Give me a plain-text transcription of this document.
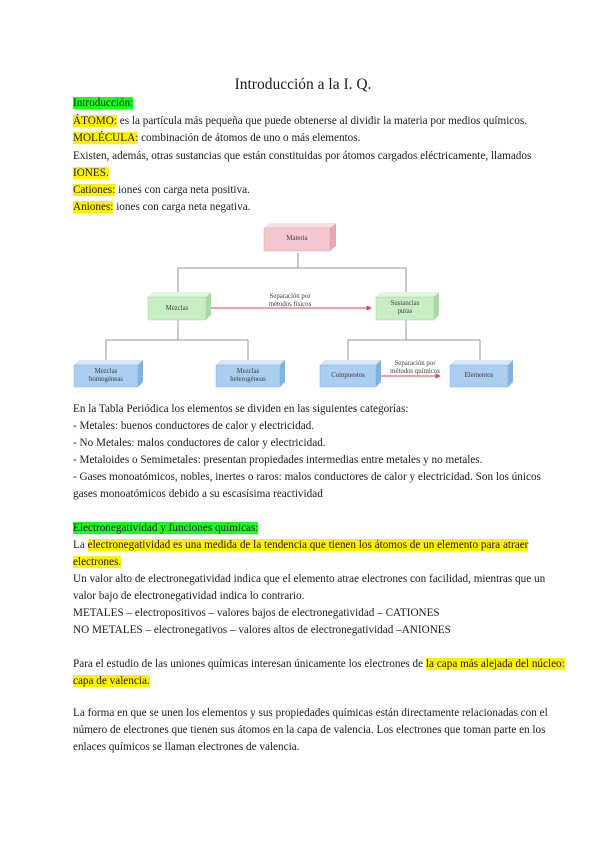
Introducción a la I. Q.
Introducción:
ÁTOMO: es la partícula más pequeña que puede obtenerse al dividir la materia por medios químicos.
MOLÉCULA: combinación de átomos de uno o más elementos.
Existen, además, otras sustancias que están constituidas por átomos cargados eléctricamente, llamados
IONES.
Cationes: iones con carga neta positiva.
Aniones: iones con carga neta negativa.
En la Tabla Periódica los elementos se dividen en las siguientes categorías:
- Metales: buenos conductores de calor y electricidad.
- No Metales: malos conductores de calor y electricidad.
- Metaloides o Semimetales: presentan propiedades intermedias entre metales y no metales.
- Gases monoatómicos, nobles, inertes o raros: malos conductores de calor y electricidad. Son los únicos
gases monoatómicos debido a su escasísima reactividad
Electronegatividad y funciones químicas:
La electronegatividad es una medida de la tendencia que tienen los átomos de un elemento para atraer
electrones.
Un valor alto de electronegatividad indica que el elemento atrae electrones con facilidad, mientras que un
valor bajo de electronegatividad indica lo contrario.
METALES – electropositivos – valores bajos de electronegatividad – CATIONES
NO METALES – electronegativos – valores altos de electronegatividad –ANIONES
Para el estudio de las uniones químicas interesan únicamente los electrones de la capa más alejada del núcleo:
capa de valencia.
La forma en que se unen los elementos y sus propiedades químicas están directamente relacionadas con el
número de electrones que tienen sus átomos en la capa de valencia. Los electrones que toman parte en los
enlaces químicos se llaman electrones de valencia.
Materia
Mezclas
Sustancias
puras
Separación por
métodos físicos
Mezclas
homogéneas
Mezclas
heterogéneas
Compuestos
Separación por
métodos químicos
Elementos
